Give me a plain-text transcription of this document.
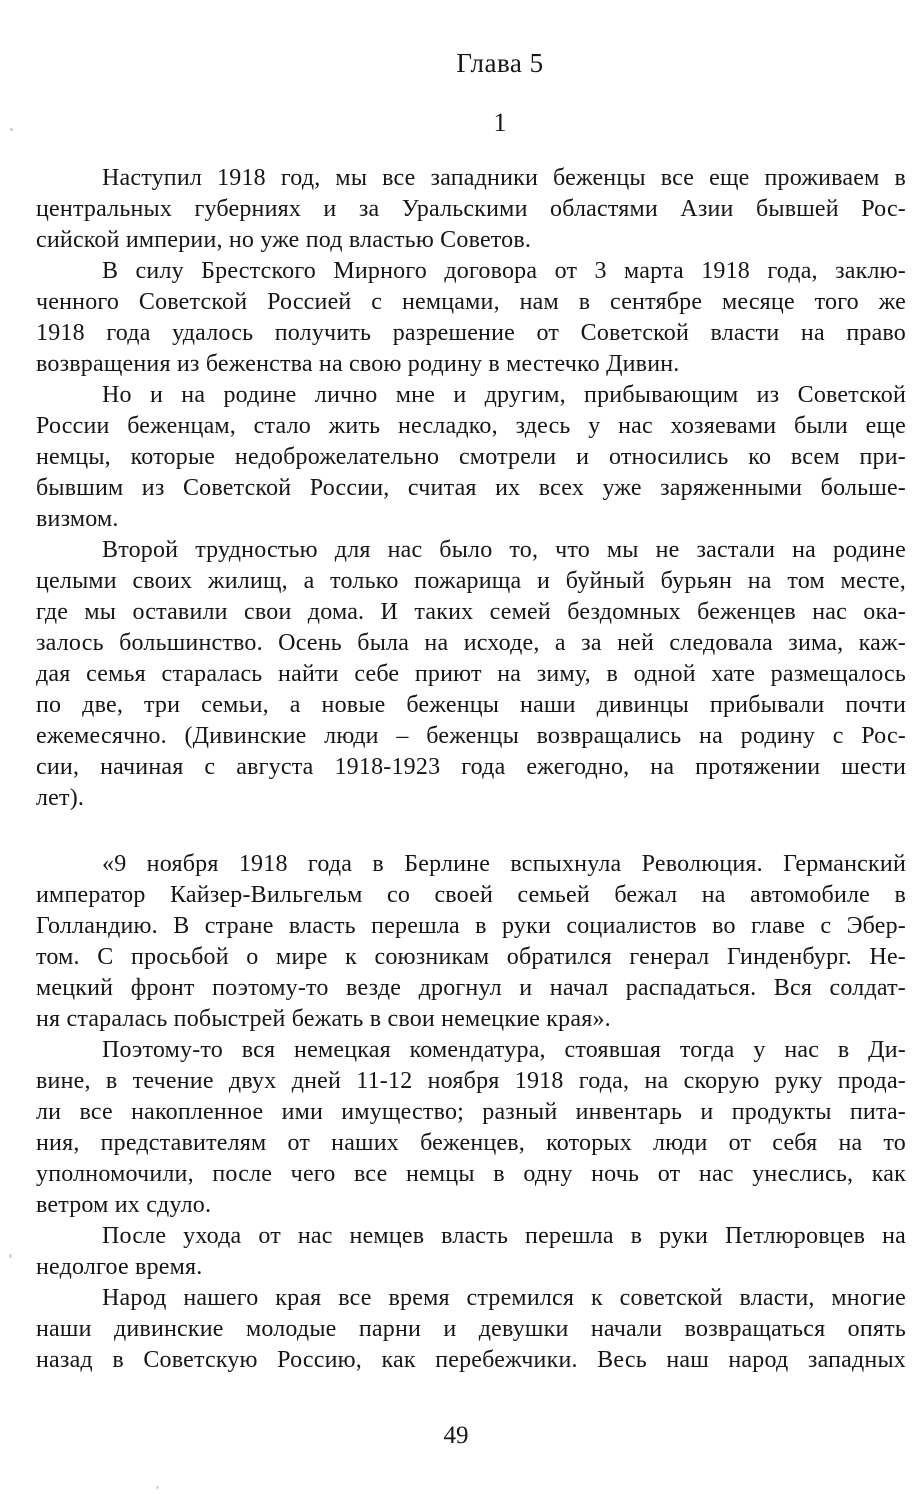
Глава 5
1
Наступил 1918 год, мы все западники беженцы все еще проживаем в
центральных губерниях и за Уральскими областями Азии бывшей Рос-
сийской империи, но уже под властью Советов.
В силу Брестского Мирного договора от 3 марта 1918 года, заклю-
ченного Советской Россией с немцами, нам в сентябре месяце того же
1918 года удалось получить разрешение от Советской власти на право
возвращения из беженства на свою родину в местечко Дивин.
Но и на родине лично мне и другим, прибывающим из Советской
России беженцам, стало жить несладко, здесь у нас хозяевами были еще
немцы, которые недоброжелательно смотрели и относились ко всем при-
бывшим из Советской России, считая их всех уже заряженными больше-
визмом.
Второй трудностью для нас было то, что мы не застали на родине
целыми своих жилищ, а только пожарища и буйный бурьян на том месте,
где мы оставили свои дома. И таких семей бездомных беженцев нас ока-
залось большинство. Осень была на исходе, а за ней следовала зима, каж-
дая семья старалась найти себе приют на зиму, в одной хате размещалось
по две, три семьи, а новые беженцы наши дивинцы прибывали почти
ежемесячно. (Дивинские люди – беженцы возвращались на родину с Рос-
сии, начиная с августа 1918-1923 года ежегодно, на протяжении шести
лет).
«9 ноября 1918 года в Берлине вспыхнула Революция. Германский
император Кайзер-Вильгельм со своей семьей бежал на автомобиле в
Голландию. В стране власть перешла в руки социалистов во главе с Эбер-
том. С просьбой о мире к союзникам обратился генерал Гинденбург. Не-
мецкий фронт поэтому-то везде дрогнул и начал распадаться. Вся солдат-
ня старалась побыстрей бежать в свои немецкие края».
Поэтому-то вся немецкая комендатура, стоявшая тогда у нас в Ди-
вине, в течение двух дней 11-12 ноября 1918 года, на скорую руку прода-
ли все накопленное ими имущество; разный инвентарь и продукты пита-
ния, представителям от наших беженцев, которых люди от себя на то
уполномочили, после чего все немцы в одну ночь от нас унеслись, как
ветром их сдуло.
После ухода от нас немцев власть перешла в руки Петлюровцев на
недолгое время.
Народ нашего края все время стремился к советской власти, многие
наши дивинские молодые парни и девушки начали возвращаться опять
назад в Советскую Россию, как перебежчики. Весь наш народ западных
49
